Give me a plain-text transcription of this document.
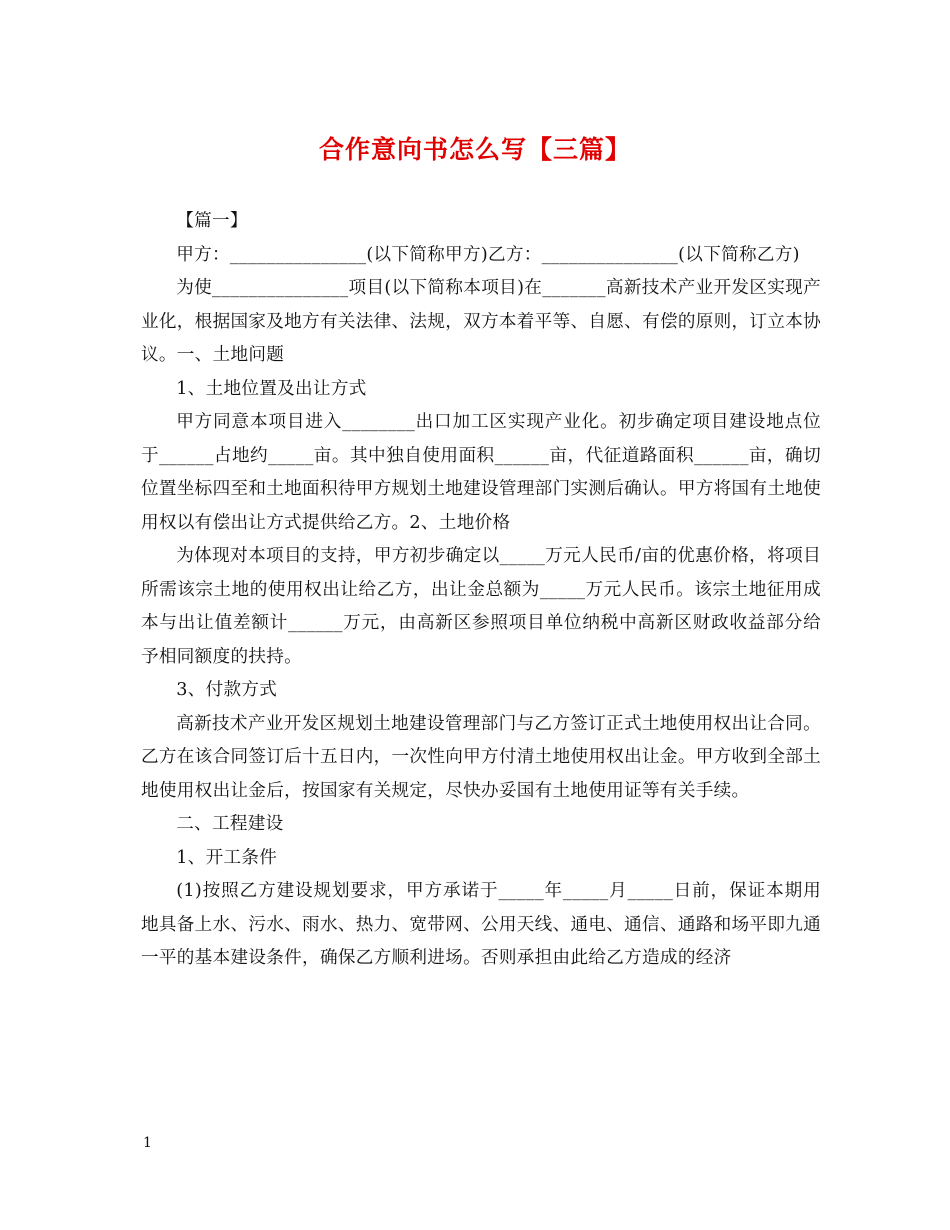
合作意向书怎么写【三篇】

【篇一】

甲方：_______________(以下简称甲方)乙方：_______________(以下简称乙方)

为使_______________项目(以下简称本项目)在_______高新技术产业开发区实现产业化，根据国家及地方有关法律、法规，双方本着平等、自愿、有偿的原则，订立本协议。一、土地问题

1、土地位置及出让方式

甲方同意本项目进入________出口加工区实现产业化。初步确定项目建设地点位于______占地约_____亩。其中独自使用面积______亩，代征道路面积______亩，确切位置坐标四至和土地面积待甲方规划土地建设管理部门实测后确认。甲方将国有土地使用权以有偿出让方式提供给乙方。2、土地价格

为体现对本项目的支持，甲方初步确定以_____万元人民币/亩的优惠价格，将项目所需该宗土地的使用权出让给乙方，出让金总额为_____万元人民币。该宗土地征用成本与出让值差额计______万元，由高新区参照项目单位纳税中高新区财政收益部分给予相同额度的扶持。

3、付款方式

高新技术产业开发区规划土地建设管理部门与乙方签订正式土地使用权出让合同。乙方在该合同签订后十五日内，一次性向甲方付清土地使用权出让金。甲方收到全部土地使用权出让金后，按国家有关规定，尽快办妥国有土地使用证等有关手续。

二、工程建设

1、开工条件

(1)按照乙方建设规划要求，甲方承诺于_____年_____月_____日前，保证本期用地具备上水、污水、雨水、热力、宽带网、公用天线、通电、通信、通路和场平即九通一平的基本建设条件，确保乙方顺利进场。否则承担由此给乙方造成的经济

1
